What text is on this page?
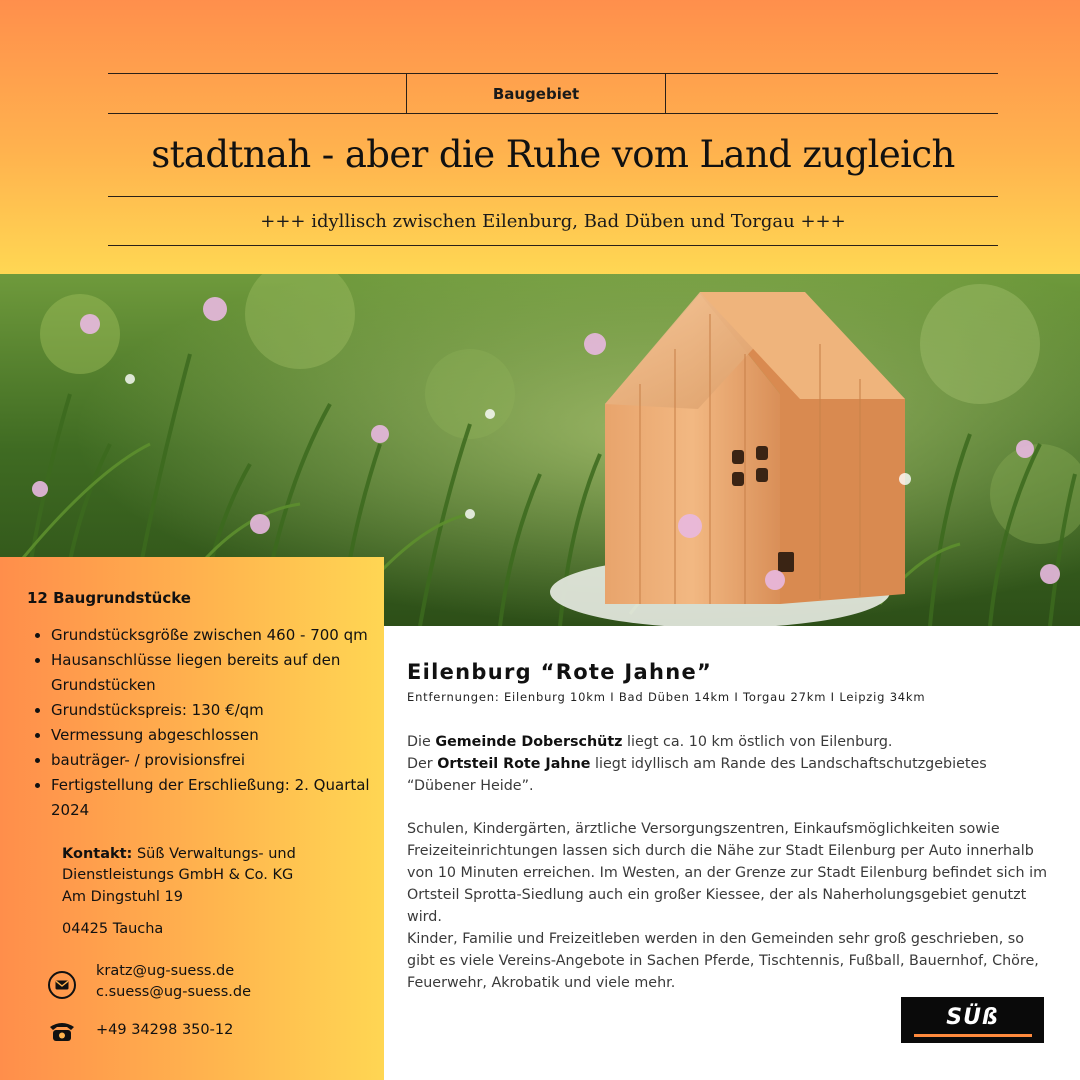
Baugebiet
stadtnah - aber die Ruhe vom Land zugleich
+++ idyllisch zwischen Eilenburg, Bad Düben und Torgau +++
12 Baugrundstücke
• Grundstücksgröße zwischen 460 - 700 qm
• Hausanschlüsse liegen bereits auf den Grundstücken
• Grundstückspreis: 130 €/qm
• Vermessung abgeschlossen
• bauträger- / provisionsfrei
• Fertigstellung der Erschließung: 2. Quartal 2024
Kontakt: Süß Verwaltungs- und Dienstleistungs GmbH & Co. KG
Am Dingstuhl 19
04425 Taucha
kratz@ug-suess.de
c.suess@ug-suess.de
+49 34298 350-12
Eilenburg “Rote Jahne”
Entfernungen: Eilenburg 10km I Bad Düben 14km I Torgau 27km I Leipzig 34km
Die Gemeinde Doberschütz liegt ca. 10 km östlich von Eilenburg.
Der Ortsteil Rote Jahne liegt idyllisch am Rande des Landschaftschutzgebietes “Dübener Heide”.
Schulen, Kindergärten, ärztliche Versorgungszentren, Einkaufsmöglichkeiten sowie Freizeiteinrichtungen lassen sich durch die Nähe zur Stadt Eilenburg per Auto innerhalb von 10 Minuten erreichen. Im Westen, an der Grenze zur Stadt Eilenburg befindet sich im Ortsteil Sprotta-Siedlung auch ein großer Kiessee, der als Naherholungsgebiet genutzt wird.
Kinder, Familie und Freizeitleben werden in den Gemeinden sehr groß geschrieben, so gibt es viele Vereins-Angebote in Sachen Pferde, Tischtennis, Fußball, Bauernhof, Chöre, Feuerwehr, Akrobatik und viele mehr.
SÜß
